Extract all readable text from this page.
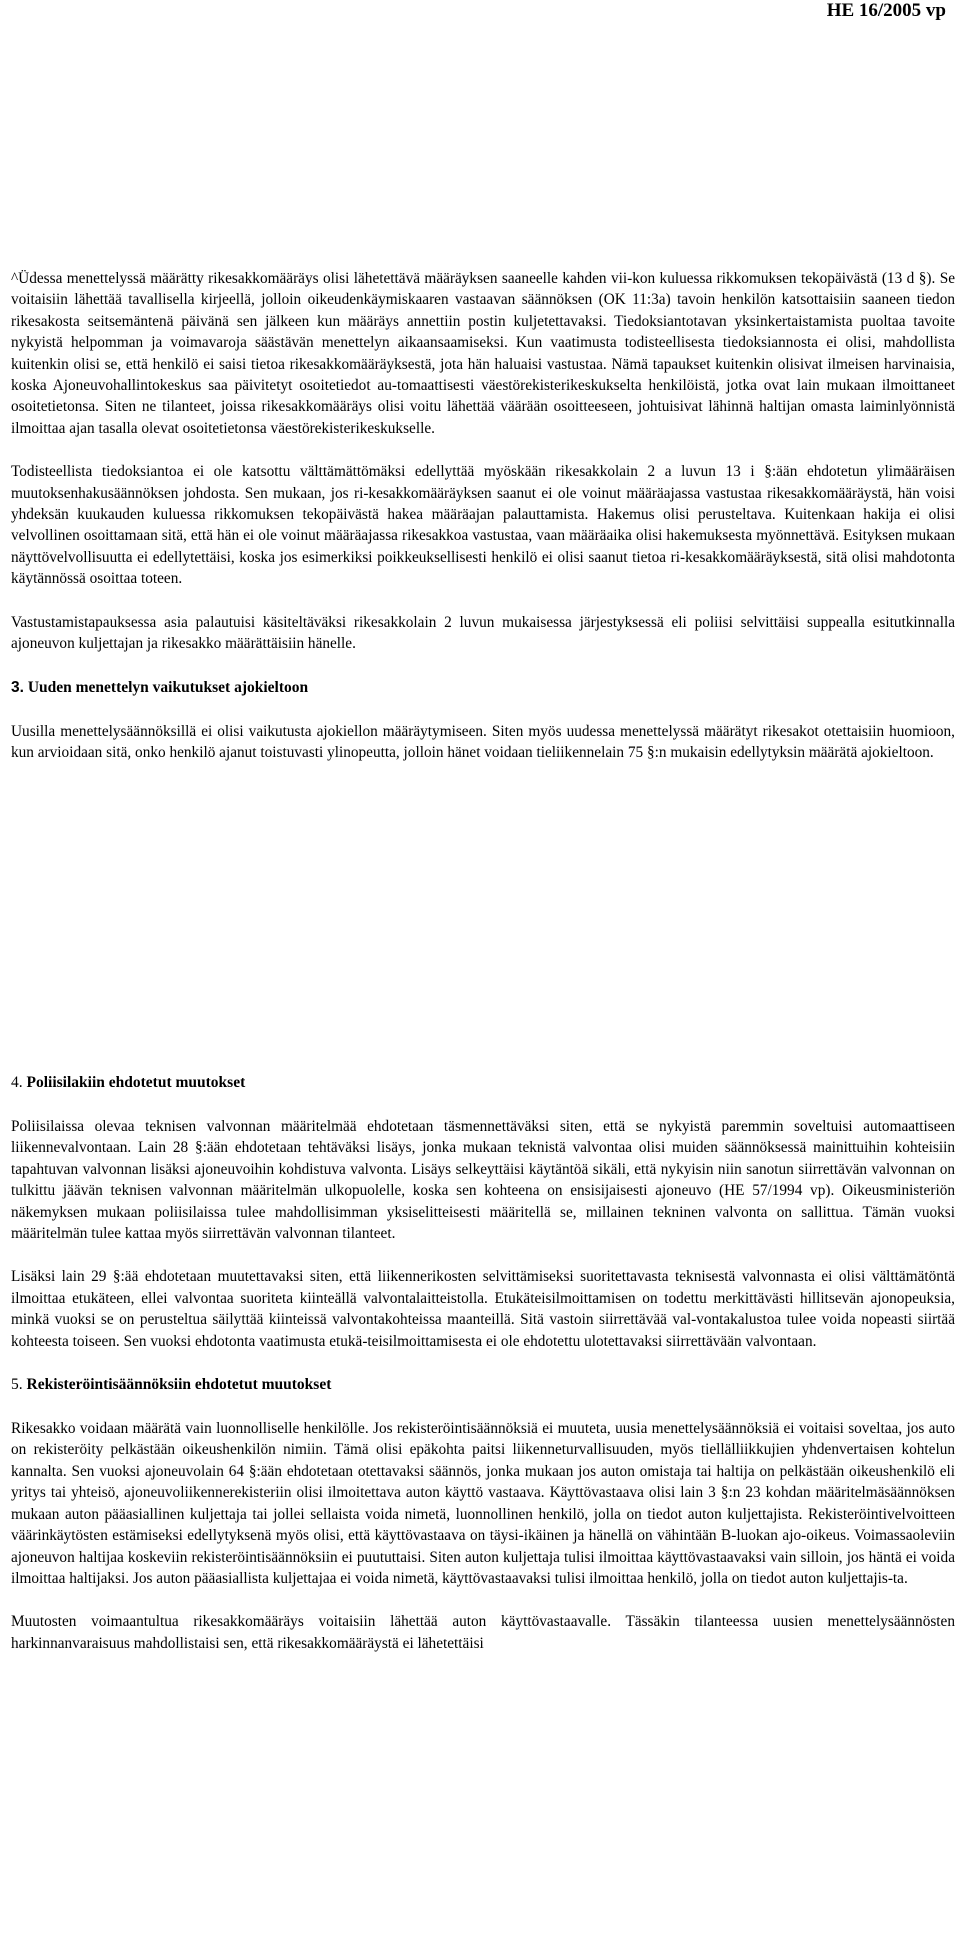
HE 16/2005 vp

^Üdessa menettelyssä määrätty rikesakkomääräys olisi lähetettävä määräyksen saaneelle kahden vii-kon kuluessa rikkomuksen tekopäivästä (13 d §). Se voitaisiin lähettää tavallisella kirjeellä, jolloin oikeudenkäymiskaaren vastaavan säännöksen (OK 11:3a) tavoin henkilön katsottaisiin saaneen tiedon rikesakosta seitsemäntenä päivänä sen jälkeen kun määräys annettiin postin kuljetettavaksi. Tiedoksiantotavan yksinkertaistamista puoltaa tavoite nykyistä helpomman ja voimavaroja säästävän menettelyn aikaansaamiseksi. Kun vaatimusta todisteellisesta tiedoksiannosta ei olisi, mahdollista kuitenkin olisi se, että henkilö ei saisi tietoa rikesakkomääräyksestä, jota hän haluaisi vastustaa. Nämä tapaukset kuitenkin olisivat ilmeisen harvinaisia, koska Ajoneuvohallintokeskus saa päivitetyt osoitetiedot au-tomaattisesti väestörekisterikeskukselta henkilöistä, jotka ovat lain mukaan ilmoittaneet osoitetietonsa. Siten ne tilanteet, joissa rikesakkomääräys olisi voitu lähettää väärään osoitteeseen, johtuisivat lähinnä haltijan omasta laiminlyönnistä ilmoittaa ajan tasalla olevat osoitetietonsa väestörekisterikeskukselle.

Todisteellista tiedoksiantoa ei ole katsottu välttämättömäksi edellyttää myöskään rikesakkolain 2 a luvun 13 i §:ään ehdotetun ylimääräisen muutoksenhakusäännöksen johdosta. Sen mukaan, jos ri-kesakkomääräyksen saanut ei ole voinut määräajassa vastustaa rikesakkomääräystä, hän voisi yhdeksän kuukauden kuluessa rikkomuksen tekopäivästä hakea määräajan palauttamista. Hakemus olisi perusteltava. Kuitenkaan hakija ei olisi velvollinen osoittamaan sitä, että hän ei ole voinut määräajassa rikesakkoa vastustaa, vaan määräaika olisi hakemuksesta myönnettävä. Esityksen mukaan näyttövelvollisuutta ei edellytettäisi, koska jos esimerkiksi poikkeuksellisesti henkilö ei olisi saanut tietoa ri-kesakkomääräyksestä, sitä olisi mahdotonta käytännössä osoittaa toteen.

Vastustamistapauksessa asia palautuisi käsiteltäväksi rikesakkolain 2 luvun mukaisessa järjestyksessä eli poliisi selvittäisi suppealla esitutkinnalla ajoneuvon kuljettajan ja rikesakko määrättäisiin hänelle.

3. Uuden menettelyn vaikutukset ajokieltoon

Uusilla menettelysäännöksillä ei olisi vaikutusta ajokiellon määräytymiseen. Siten myös uudessa menettelyssä määrätyt rikesakot otettaisiin huomioon, kun arvioidaan sitä, onko henkilö ajanut toistuvasti ylinopeutta, jolloin hänet voidaan tieliikennelain 75 §:n mukaisin edellytyksin määrätä ajokieltoon.

4. Poliisilakiin ehdotetut muutokset

Poliisilaissa olevaa teknisen valvonnan määritelmää ehdotetaan täsmennettäväksi siten, että se nykyistä paremmin soveltuisi automaattiseen liikennevalvontaan. Lain 28 §:ään ehdotetaan tehtäväksi lisäys, jonka mukaan teknistä valvontaa olisi muiden säännöksessä mainittuihin kohteisiin tapahtuvan valvonnan lisäksi ajoneuvoihin kohdistuva valvonta. Lisäys selkeyttäisi käytäntöä sikäli, että nykyisin niin sanotun siirrettävän valvonnan on tulkittu jäävän teknisen valvonnan määritelmän ulkopuolelle, koska sen kohteena on ensisijaisesti ajoneuvo (HE 57/1994 vp). Oikeusministeriön näkemyksen mukaan poliisilaissa tulee mahdollisimman yksiselitteisesti määritellä se, millainen tekninen valvonta on sallittua. Tämän vuoksi määritelmän tulee kattaa myös siirrettävän valvonnan tilanteet.

Lisäksi lain 29 §:ää ehdotetaan muutettavaksi siten, että liikennerikosten selvittämiseksi suoritettavasta teknisestä valvonnasta ei olisi välttämätöntä ilmoittaa etukäteen, ellei valvontaa suoriteta kiinteällä valvontalaitteistolla. Etukäteisilmoittamisen on todettu merkittävästi hillitsevän ajonopeuksia, minkä vuoksi se on perusteltua säilyttää kiinteissä valvontakohteissa maanteillä. Sitä vastoin siirrettävää val-vontakalustoa tulee voida nopeasti siirtää kohteesta toiseen. Sen vuoksi ehdotonta vaatimusta etukä-teisilmoittamisesta ei ole ehdotettu ulotettavaksi siirrettävään valvontaan.

5. Rekisteröintisäännöksiin ehdotetut muutokset

Rikesakko voidaan määrätä vain luonnolliselle henkilölle. Jos rekisteröintisäännöksiä ei muuteta, uusia menettelysäännöksiä ei voitaisi soveltaa, jos auto on rekisteröity pelkästään oikeushenkilön nimiin. Tämä olisi epäkohta paitsi liikenneturvallisuuden, myös tiellälliikkujien yhdenvertaisen kohtelun kannalta. Sen vuoksi ajoneuvolain 64 §:ään ehdotetaan otettavaksi säännös, jonka mukaan jos auton omistaja tai haltija on pelkästään oikeushenkilö eli yritys tai yhteisö, ajoneuvoliikennerekisteriin olisi ilmoitettava auton käyttö vastaava. Käyttövastaava olisi lain 3 §:n 23 kohdan määritelmäsäännöksen mukaan auton pääasiallinen kuljettaja tai jollei sellaista voida nimetä, luonnollinen henkilö, jolla on tiedot auton kuljettajista. Rekisteröintivelvoitteen väärinkäytösten estämiseksi edellytyksenä myös olisi, että käyttövastaava on täysi-ikäinen ja hänellä on vähintään B-luokan ajo-oikeus. Voimassaoleviin ajoneuvon haltijaa koskeviin rekisteröintisäännöksiin ei puututtaisi. Siten auton kuljettaja tulisi ilmoittaa käyttövastaavaksi vain silloin, jos häntä ei voida ilmoittaa haltijaksi. Jos auton pääasiallista kuljettajaa ei voida nimetä, käyttövastaavaksi tulisi ilmoittaa henkilö, jolla on tiedot auton kuljettajis-ta.

Muutosten voimaantultua rikesakkomääräys voitaisiin lähettää auton käyttövastaavalle. Tässäkin tilanteessa uusien menettelysäännösten harkinnanvaraisuus mahdollistaisi sen, että rikesakkomääräystä ei lähetettäisi
